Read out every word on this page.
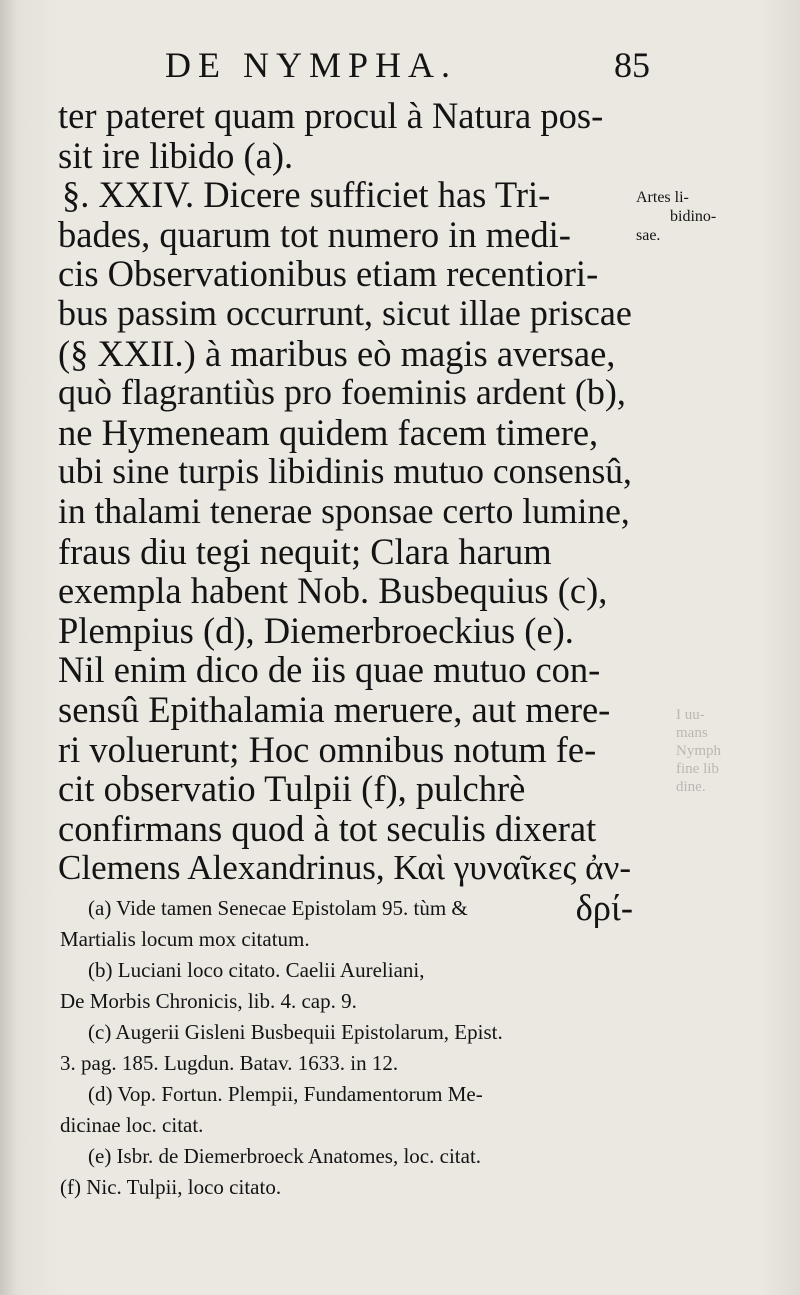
DE NYMPHA.	85
Artes li-
bidino-
sae.
I uu-
mans
Nymph
fine lib
dine.
ter pateret quam procul à Natura pos-
sit ire libido (a).
§. XXIV. Dicere sufficiet has Tri-
bades, quarum tot numero in medi-
cis Observationibus etiam recentiori-
bus passim occurrunt, sicut illae priscae
(§ XXII.) à maribus eò magis aversae,
quò flagrantiùs pro foeminis ardent (b),
ne Hymeneam quidem facem timere,
ubi sine turpis libidinis mutuo consensû,
in thalami tenerae sponsae certo lumine,
fraus diu tegi nequit; Clara harum
exempla habent Nob. Busbequius (c),
Plempius (d), Diemerbroeckius (e).
Nil enim dico de iis quae mutuo con-
sensû Epithalamia meruere, aut mere-
ri voluerunt; Hoc omnibus notum fe-
cit observatio Tulpii (f), pulchrè
confirmans quod à tot seculis dixerat
Clemens Alexandrinus, Καὶ γυναῖκες ἀν-
δρί-
(a) Vide tamen Senecae Epistolam 95. tùm &
Martialis locum mox citatum.
(b) Luciani loco citato. Caelii Aureliani,
De Morbis Chronicis, lib. 4. cap. 9.
(c) Augerii Gisleni Busbequii Epistolarum, Epist.
3. pag. 185. Lugdun. Batav. 1633. in 12.
(d) Vop. Fortun. Plempii, Fundamentorum Me-
dicinae loc. citat.
(e) Isbr. de Diemerbroeck Anatomes, loc. citat.
(f) Nic. Tulpii, loco citato.
